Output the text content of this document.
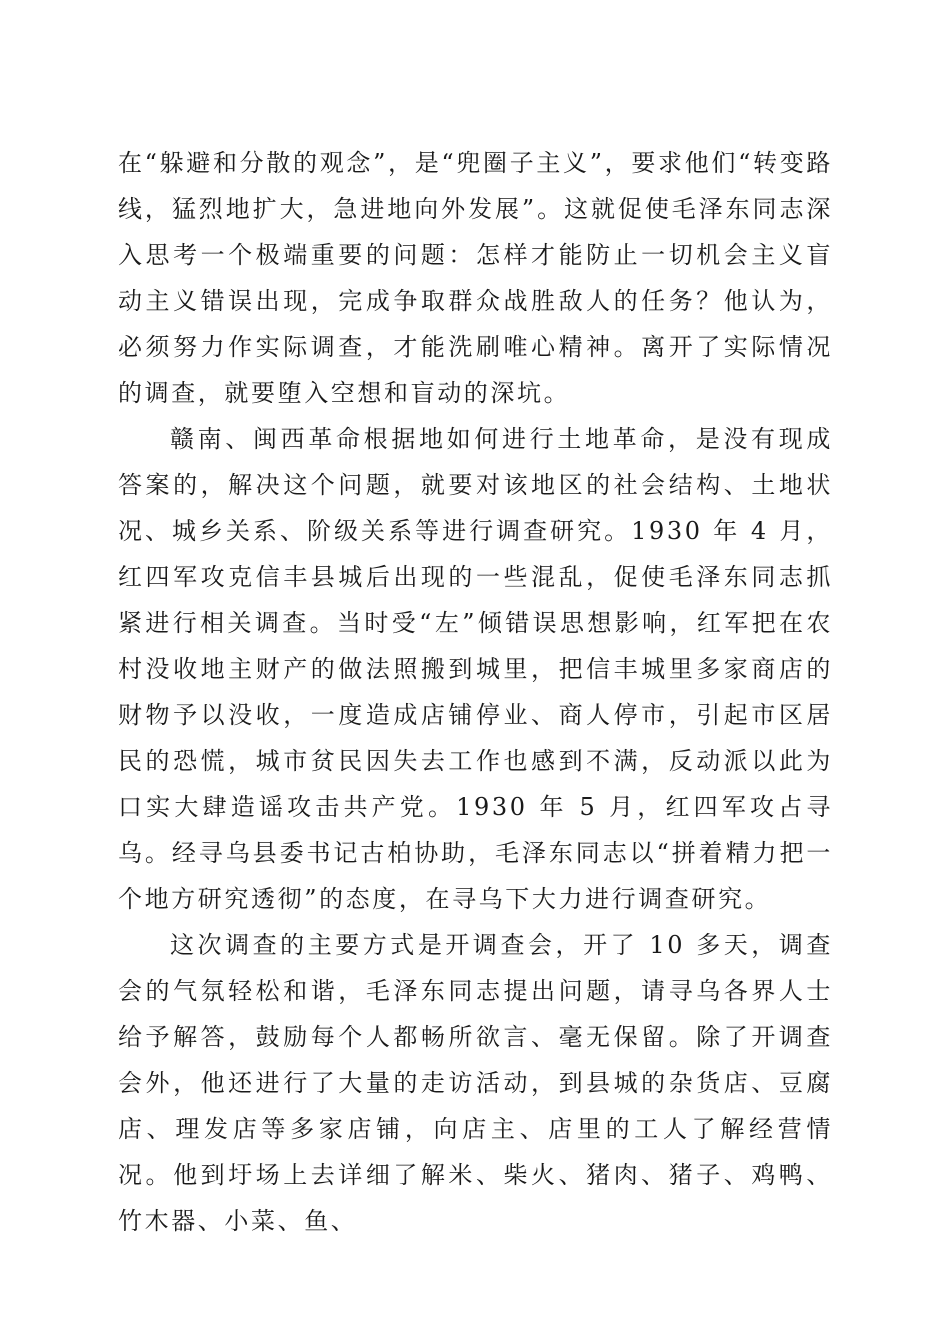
在“躲避和分散的观念”，是“兜圈子主义”，要求他们“转变路线，猛烈地扩大，急进地向外发展”。这就促使毛泽东同志深入思考一个极端重要的问题：怎样才能防止一切机会主义盲动主义错误出现，完成争取群众战胜敌人的任务？他认为，必须努力作实际调查，才能洗刷唯心精神。离开了实际情况的调查，就要堕入空想和盲动的深坑。

赣南、闽西革命根据地如何进行土地革命，是没有现成答案的，解决这个问题，就要对该地区的社会结构、土地状况、城乡关系、阶级关系等进行调查研究。1930 年 4 月，红四军攻克信丰县城后出现的一些混乱，促使毛泽东同志抓紧进行相关调查。当时受“左”倾错误思想影响，红军把在农村没收地主财产的做法照搬到城里，把信丰城里多家商店的财物予以没收，一度造成店铺停业、商人停市，引起市区居民的恐慌，城市贫民因失去工作也感到不满，反动派以此为口实大肆造谣攻击共产党。1930 年 5 月，红四军攻占寻乌。经寻乌县委书记古柏协助，毛泽东同志以“拼着精力把一个地方研究透彻”的态度，在寻乌下大力进行调查研究。

这次调查的主要方式是开调查会，开了 10 多天，调查会的气氛轻松和谐，毛泽东同志提出问题，请寻乌各界人士给予解答，鼓励每个人都畅所欲言、毫无保留。除了开调查会外，他还进行了大量的走访活动，到县城的杂货店、豆腐店、理发店等多家店铺，向店主、店里的工人了解经营情况。他到圩场上去详细了解米、柴火、猪肉、猪子、鸡鸭、竹木器、小菜、鱼、
